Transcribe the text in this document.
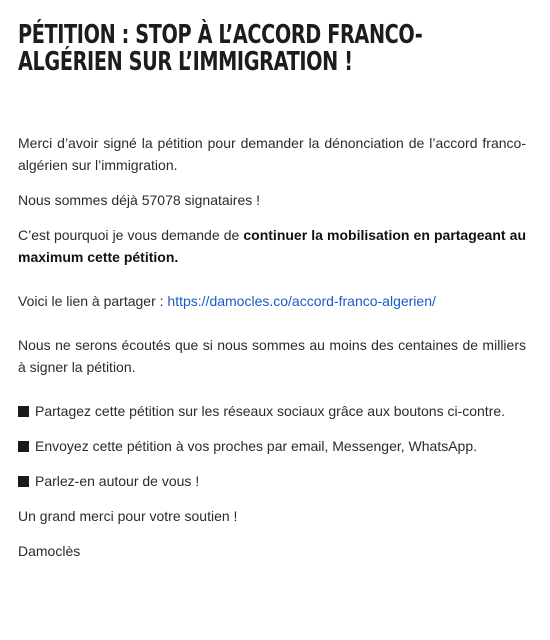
PÉTITION : STOP À L’ACCORD FRANCO-
ALGÉRIEN SUR L’IMMIGRATION !

Merci d’avoir signé la pétition pour demander la dénonciation de l’accord franco-algérien sur l’immigration.

Nous sommes déjà 57078 signataires !

C’est pourquoi je vous demande de continuer la mobilisation en partageant au maximum cette pétition.

Voici le lien à partager : https://damocles.co/accord-franco-algerien/

Nous ne serons écoutés que si nous sommes au moins des centaines de milliers à signer la pétition.

Partagez cette pétition sur les réseaux sociaux grâce aux boutons ci-contre.

Envoyez cette pétition à vos proches par email, Messenger, WhatsApp.

Parlez-en autour de vous !

Un grand merci pour votre soutien !

Damoclès
